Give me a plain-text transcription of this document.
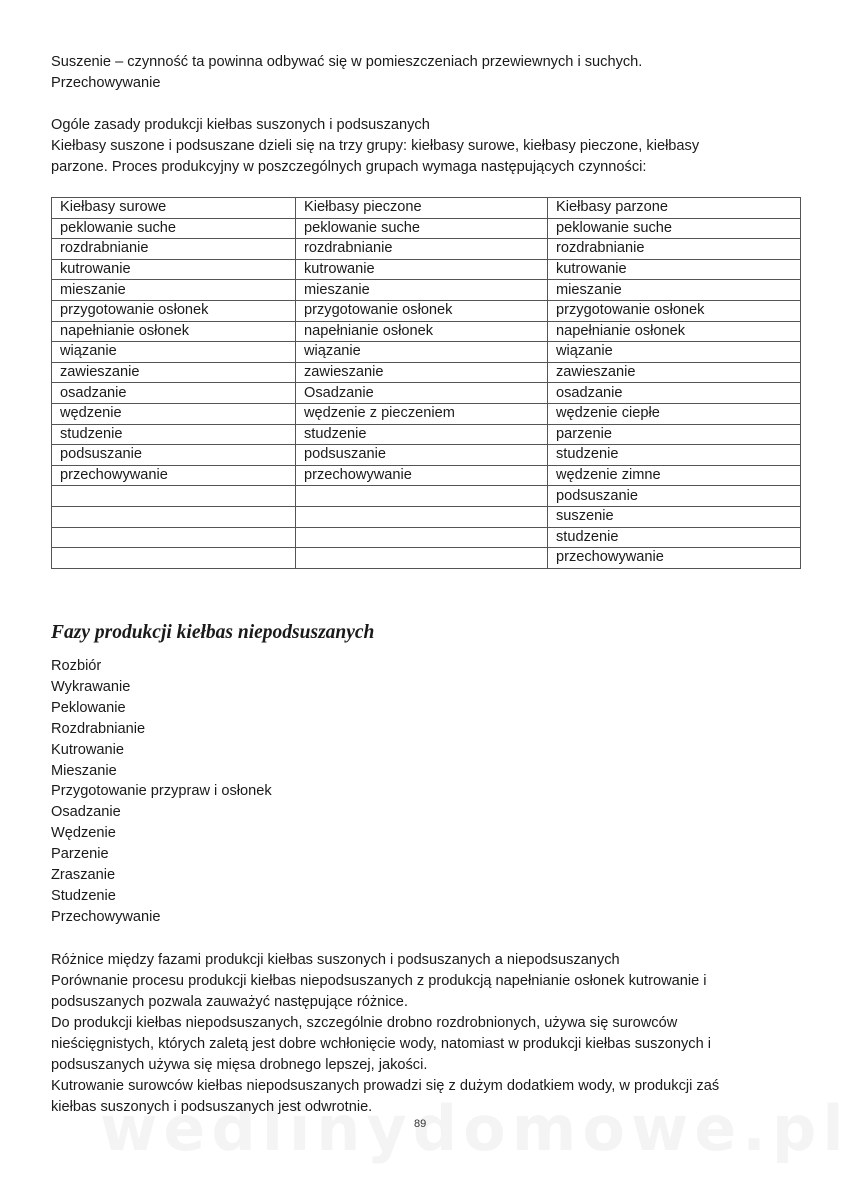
Suszenie – czynność ta powinna odbywać się w pomieszczeniach przewiewnych i suchych.

Przechowywanie

Ogóle zasady produkcji kiełbas suszonych i podsuszanych

Kiełbasy suszone i podsuszane dzieli się na trzy grupy: kiełbasy surowe, kiełbasy pieczone, kiełbasy

parzone. Proces produkcyjny w poszczególnych grupach wymaga następujących czynności:

Kiełbasy surowe	Kiełbasy pieczone	Kiełbasy parzone
peklowanie suche	peklowanie suche	peklowanie suche
rozdrabnianie	rozdrabnianie	rozdrabnianie
kutrowanie	kutrowanie	kutrowanie
mieszanie	mieszanie	mieszanie
przygotowanie osłonek	przygotowanie osłonek	przygotowanie osłonek
napełnianie osłonek	napełnianie osłonek	napełnianie osłonek
wiązanie	wiązanie	wiązanie
zawieszanie	zawieszanie	zawieszanie
osadzanie	Osadzanie	osadzanie
wędzenie	wędzenie z pieczeniem	wędzenie ciepłe
studzenie	studzenie	parzenie
podsuszanie	podsuszanie	studzenie
przechowywanie	przechowywanie	wędzenie zimne
		podsuszanie
		suszenie
		studzenie
		przechowywanie
Fazy produkcji kiełbas niepodsuszanych
Rozbiór
Wykrawanie
Peklowanie
Rozdrabnianie
Kutrowanie
Mieszanie
Przygotowanie przypraw i osłonek
Osadzanie
Wędzenie
Parzenie
Zraszanie
Studzenie
Przechowywanie

Różnice między fazami produkcji kiełbas suszonych i podsuszanych a niepodsuszanych

Porównanie procesu produkcji kiełbas niepodsuszanych z produkcją napełnianie osłonek kutrowanie i

podsuszanych pozwala zauważyć następujące różnice.

Do produkcji kiełbas niepodsuszanych, szczególnie drobno rozdrobnionych, używa się surowców

nieścięgnistych, których zaletą jest dobre wchłonięcie wody, natomiast w produkcji kiełbas suszonych i

podsuszanych używa się mięsa drobnego lepszej, jakości.

Kutrowanie surowców kiełbas niepodsuszanych prowadzi się z dużym dodatkiem wody, w produkcji zaś

kiełbas suszonych i podsuszanych jest odwrotnie.

89
